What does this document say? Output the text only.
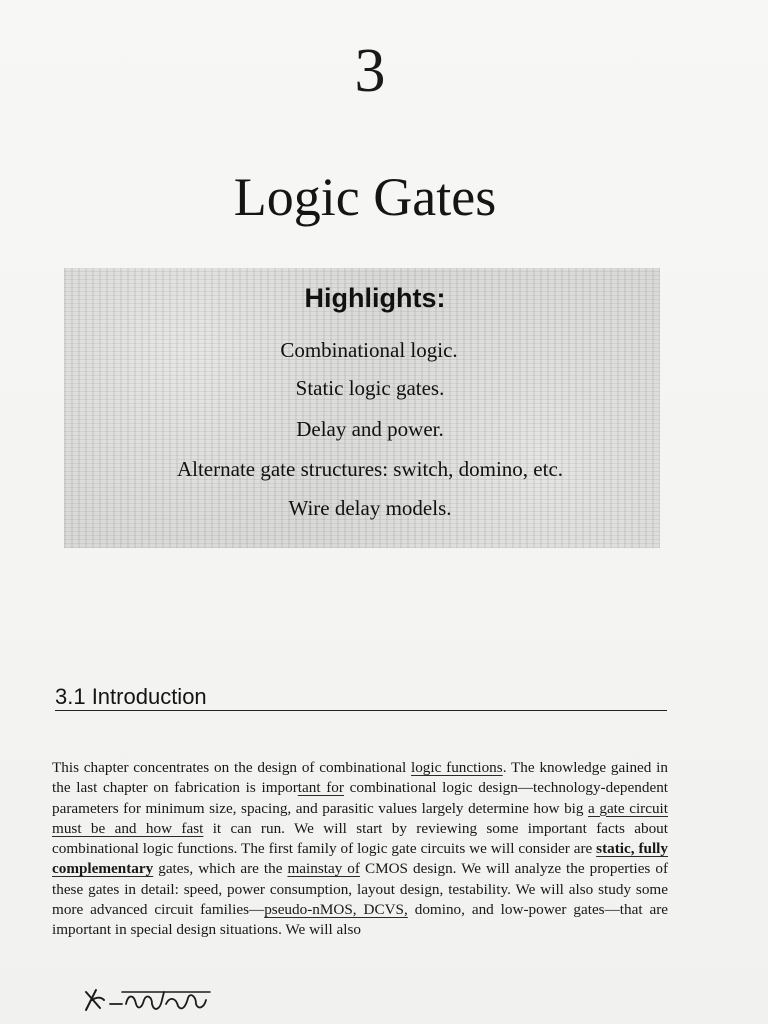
3
Logic Gates
Highlights:
Combinational logic.
Static logic gates.
Delay and power.
Alternate gate structures: switch, domino, etc.
Wire delay models.
3.1 Introduction
This chapter concentrates on the design of combinational logic functions. The knowledge gained in the last chapter on fabrication is important for combinational logic design—technology-dependent parameters for minimum size, spacing, and parasitic values largely determine how big a gate circuit must be and how fast it can run. We will start by reviewing some important facts about combinational logic functions. The first family of logic gate circuits we will consider are static, fully complementary gates, which are the mainstay of CMOS design. We will analyze the properties of these gates in detail: speed, power consumption, layout design, testability. We will also study some more advanced circuit families—pseudo-nMOS, DCVS, domino, and low-power gates—that are important in special design situations. We will also
